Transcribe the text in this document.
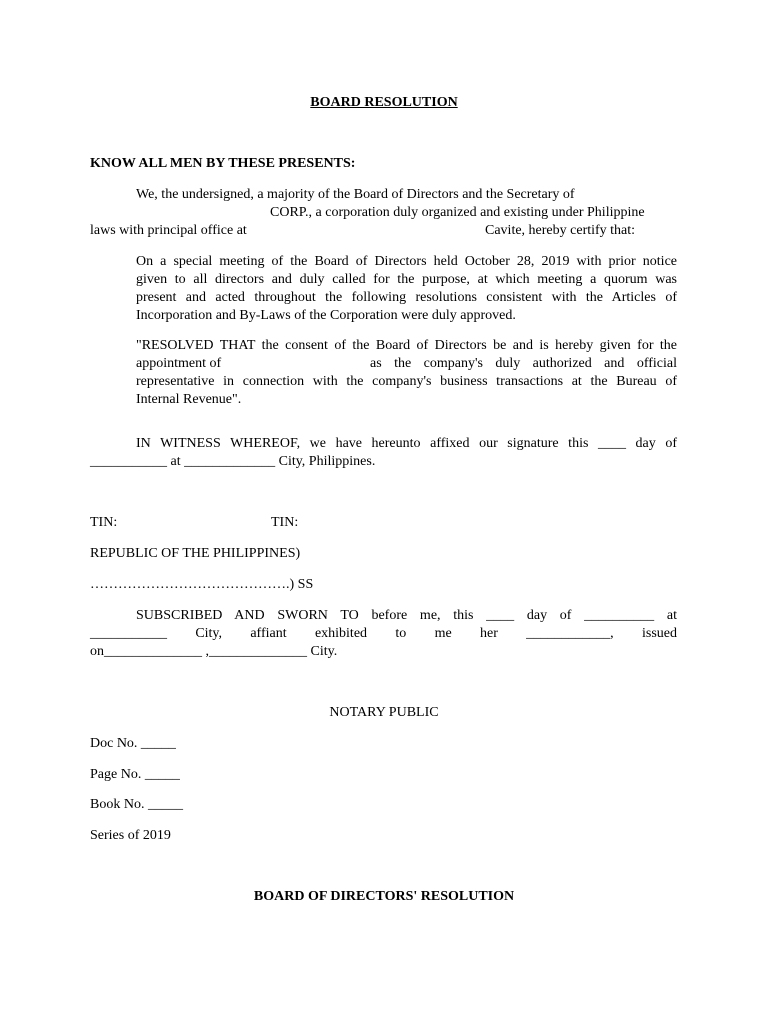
BOARD RESOLUTION
KNOW ALL MEN BY THESE PRESENTS:
We, the undersigned, a majority of the Board of Directors and the Secretary of
CORP., a corporation duly organized and existing under Philippine
laws with principal office at	Cavite, hereby certify that:
On a special meeting of the Board of Directors held October 28, 2019 with prior notice
given to all directors and duly called for the purpose, at which meeting a quorum was
present and acted throughout the following resolutions consistent with the Articles of
Incorporation and By-Laws of the Corporation were duly approved.
"RESOLVED THAT the consent of the Board of Directors be and is hereby given for the
appointment of	as the company's duly authorized and official
representative in connection with the company's business transactions at the Bureau of
Internal Revenue".
IN WITNESS WHEREOF, we have hereunto affixed our signature this ____ day of
___________ at _____________ City, Philippines.
TIN:	TIN:
REPUBLIC OF THE PHILIPPINES)
…………………………………….) SS
SUBSCRIBED AND SWORN TO before me, this ____ day of __________ at
___________ City, affiant exhibited to me her ____________, issued
on______________ ,______________ City.
NOTARY PUBLIC
Doc No. _____
Page No. _____
Book No. _____
Series of 2019
BOARD OF DIRECTORS' RESOLUTION
